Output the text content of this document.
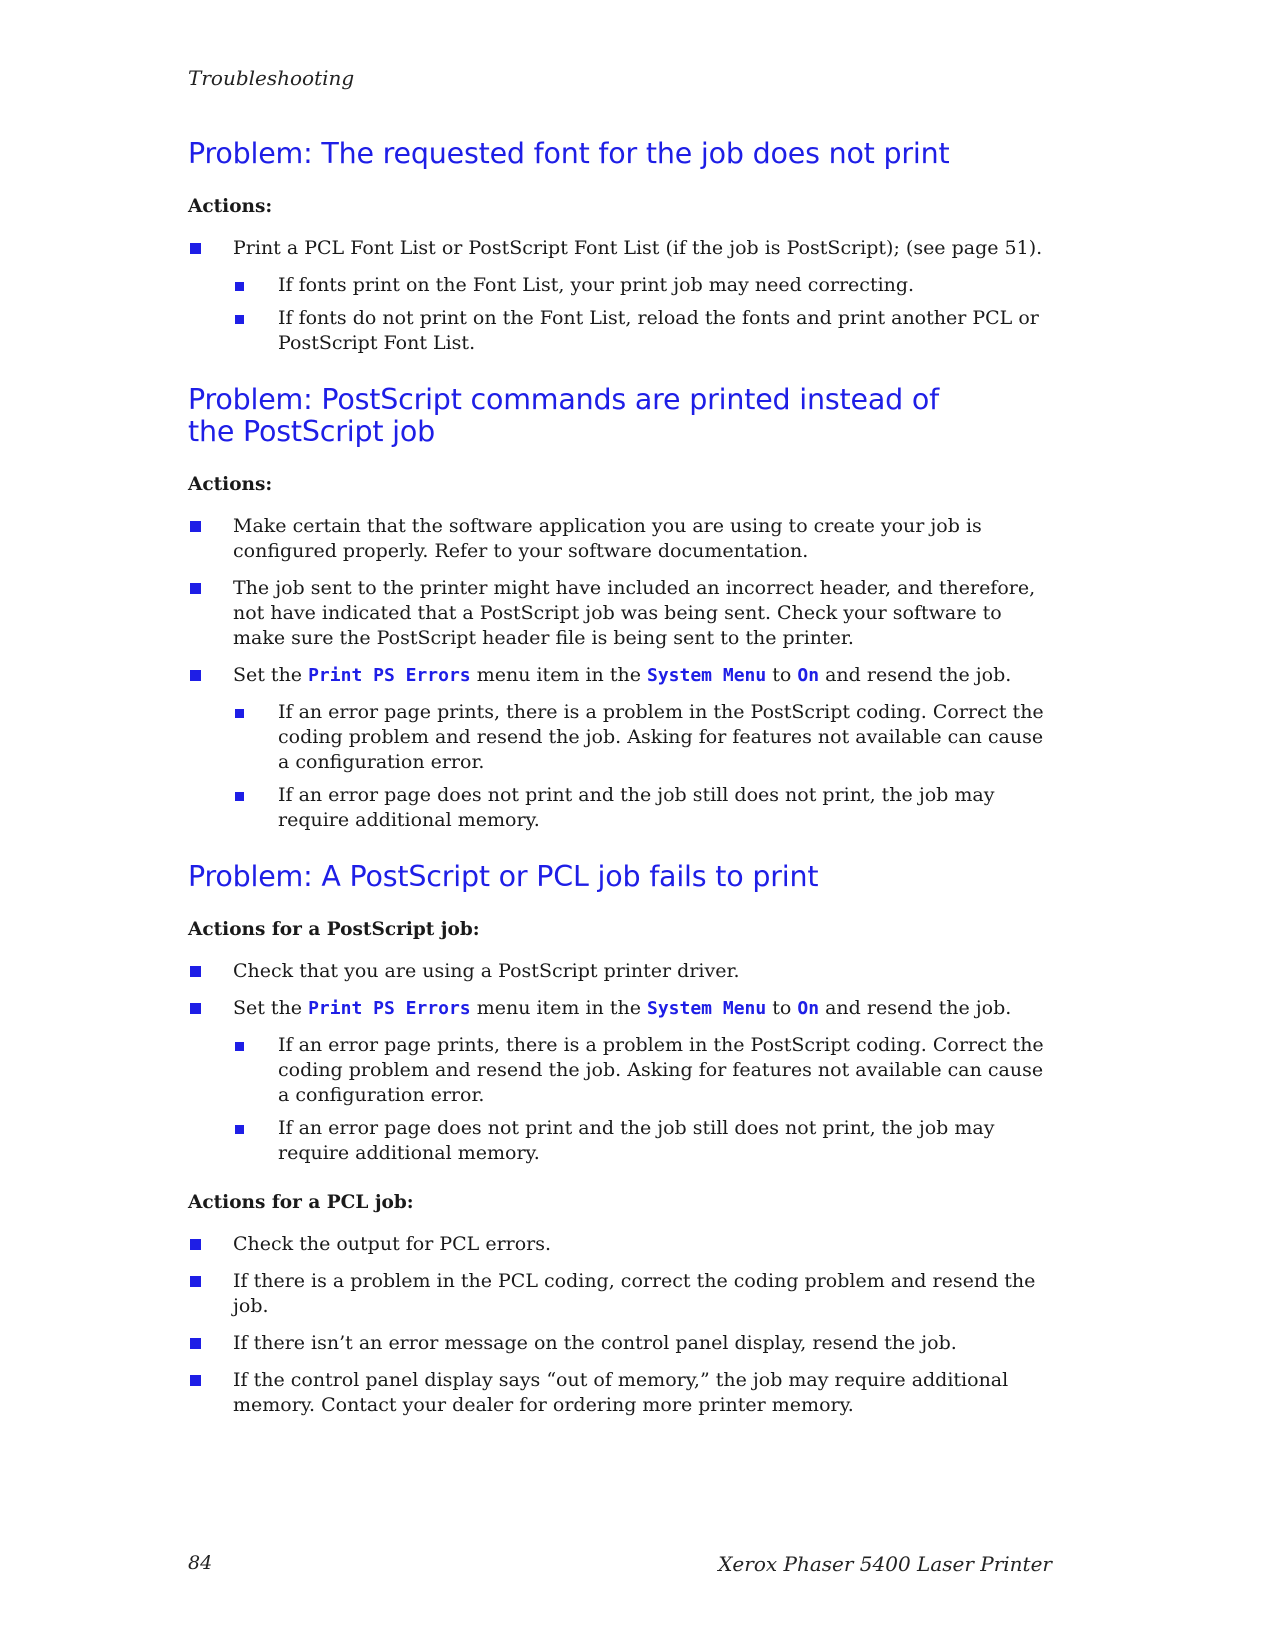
Troubleshooting
Problem: The requested font for the job does not print
Actions:
Print a PCL Font List or PostScript Font List (if the job is PostScript); (see page 51).
If fonts print on the Font List, your print job may need correcting.
If fonts do not print on the Font List, reload the fonts and print another PCL or PostScript Font List.
Problem: PostScript commands are printed instead of the PostScript job
Actions:
Make certain that the software application you are using to create your job is configured properly. Refer to your software documentation.
The job sent to the printer might have included an incorrect header, and therefore, not have indicated that a PostScript job was being sent. Check your software to make sure the PostScript header file is being sent to the printer.
Set the Print PS Errors menu item in the System Menu to On and resend the job.
If an error page prints, there is a problem in the PostScript coding. Correct the coding problem and resend the job. Asking for features not available can cause a configuration error.
If an error page does not print and the job still does not print, the job may require additional memory.
Problem: A PostScript or PCL job fails to print
Actions for a PostScript job:
Check that you are using a PostScript printer driver.
Set the Print PS Errors menu item in the System Menu to On and resend the job.
If an error page prints, there is a problem in the PostScript coding. Correct the coding problem and resend the job. Asking for features not available can cause a configuration error.
If an error page does not print and the job still does not print, the job may require additional memory.
Actions for a PCL job:
Check the output for PCL errors.
If there is a problem in the PCL coding, correct the coding problem and resend the job.
If there isn’t an error message on the control panel display, resend the job.
If the control panel display says “out of memory,” the job may require additional memory. Contact your dealer for ordering more printer memory.
84	Xerox Phaser 5400 Laser Printer
